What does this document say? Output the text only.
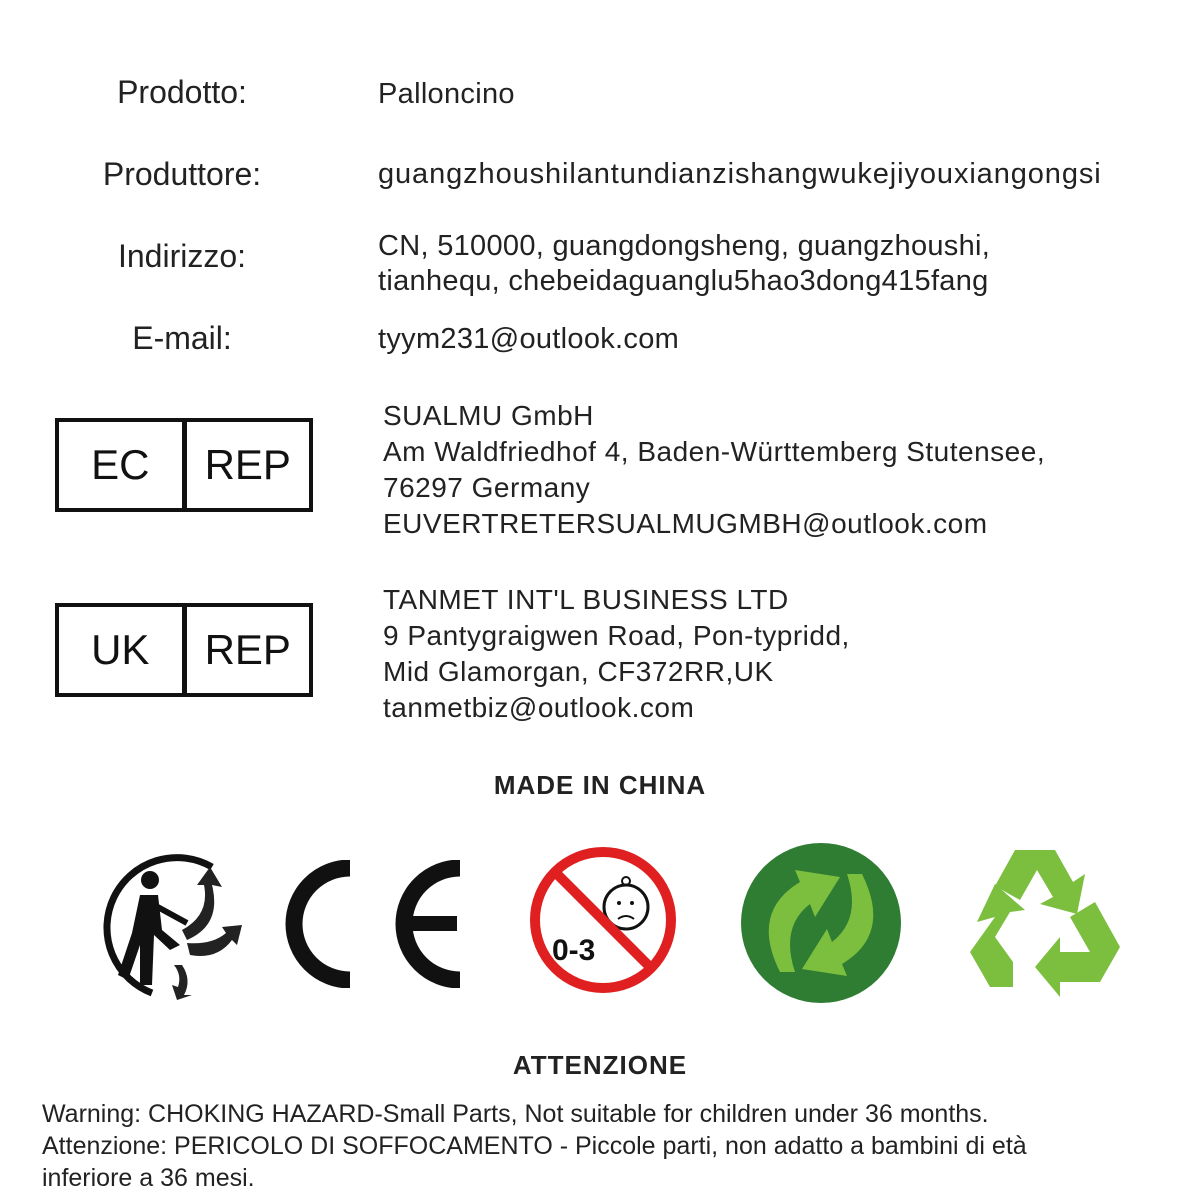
Prodotto:	Palloncino
Produttore:	guangzhoushilantundianzishangwukejiyouxiangongsi
Indirizzo:	CN, 510000, guangdongsheng, guangzhoushi,
tianhequ, chebeidaguanglu5hao3dong415fang
E-mail:	tyym231@outlook.com
EC	REP
SUALMU GmbH
Am Waldfriedhof 4, Baden-Württemberg Stutensee,
76297 Germany
EUVERTRETERSUALMUGMBH@outlook.com
UK	REP
TANMET INT'L BUSINESS LTD
9 Pantygraigwen Road, Pon-typridd,
Mid Glamorgan, CF372RR,UK
tanmetbiz@outlook.com
MADE IN CHINA
0-3
ATTENZIONE
Warning: CHOKING HAZARD-Small Parts, Not suitable for children under 36 months.
Attenzione: PERICOLO DI SOFFOCAMENTO - Piccole parti, non adatto a bambini di età
inferiore a 36 mesi.
